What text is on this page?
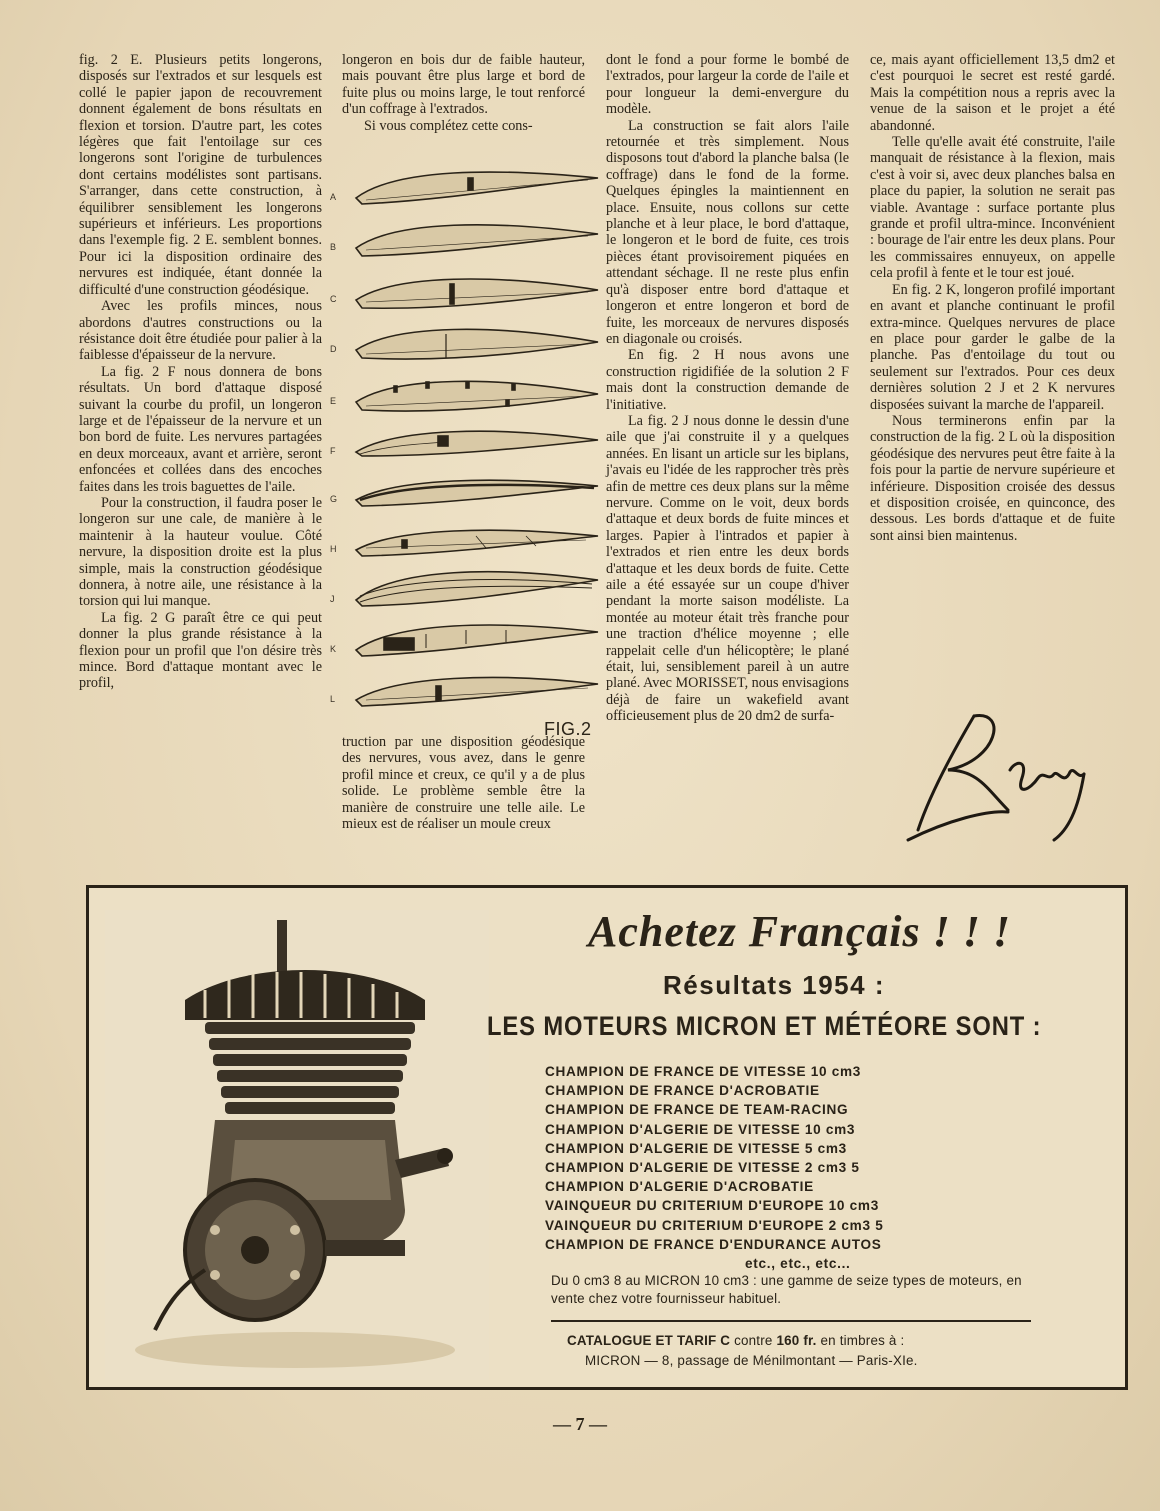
fig. 2 E. Plusieurs petits longerons, disposés sur l'extrados et sur lesquels est collé le papier japon de recouvrement donnent également de bons résultats en flexion et torsion. D'autre part, les cotes légères que fait l'entoilage sur ces longerons sont l'origine de turbulences dont certains modélistes sont partisans. S'arranger, dans cette construction, à équilibrer sensiblement les longerons supérieurs et inférieurs. Les proportions dans l'exemple fig. 2 E. semblent bonnes. Pour ici la disposition ordinaire des nervures est indiquée, étant donnée la difficulté d'une construction géodésique.

Avec les profils minces, nous abordons d'autres constructions ou la résistance doit être étudiée pour palier à la faiblesse d'épaisseur de la nervure.

La fig. 2 F nous donnera de bons résultats. Un bord d'attaque disposé suivant la courbe du profil, un longeron large et de l'épaisseur de la nervure et un bon bord de fuite. Les nervures partagées en deux morceaux, avant et arrière, seront enfoncées et collées dans des encoches faites dans les trois baguettes de l'aile.

Pour la construction, il faudra poser le longeron sur une cale, de manière à le maintenir à la hauteur voulue. Côté nervure, la disposition droite est la plus simple, mais la construction géodésique donnera, à notre aile, une résistance à la torsion qui lui manque.

La fig. 2 G paraît être ce qui peut donner la plus grande résistance à la flexion pour un profil que l'on désire très mince. Bord d'attaque montant avec le profil,

longeron en bois dur de faible hauteur, mais pouvant être plus large et bord de fuite plus ou moins large, le tout renforcé d'un coffrage à l'extrados.

Si vous complétez cette cons-

A
B
C
D
E
F
G
H
J
K
L
FIG.2

truction par une disposition géodésique des nervures, vous avez, dans le genre profil mince et creux, ce qu'il y a de plus solide. Le problème semble être la manière de construire une telle aile. Le mieux est de réaliser un moule creux

dont le fond a pour forme le bombé de l'extrados, pour largeur la corde de l'aile et pour longueur la demi-envergure du modèle.

La construction se fait alors l'aile retournée et très simplement. Nous disposons tout d'abord la planche balsa (le coffrage) dans le fond de la forme. Quelques épingles la maintiennent en place. Ensuite, nous collons sur cette planche et à leur place, le bord d'attaque, le longeron et le bord de fuite, ces trois pièces étant provisoirement piquées en attendant séchage. Il ne reste plus enfin qu'à disposer entre bord d'attaque et longeron et entre longeron et bord de fuite, les morceaux de nervures disposés en diagonale ou croisés.

En fig. 2 H nous avons une construction rigidifiée de la solution 2 F mais dont la construction demande de l'initiative.

La fig. 2 J nous donne le dessin d'une aile que j'ai construite il y a quelques années. En lisant un article sur les biplans, j'avais eu l'idée de les rapprocher très près afin de mettre ces deux plans sur la même nervure. Comme on le voit, deux bords d'attaque et deux bords de fuite minces et larges. Papier à l'intrados et papier à l'extrados et rien entre les deux bords d'attaque et les deux bords de fuite. Cette aile a été essayée sur un coupe d'hiver pendant la morte saison modéliste. La montée au moteur était très franche pour une traction d'hélice moyenne ; elle rappelait celle d'un hélicoptère; le plané était, lui, sensiblement pareil à un autre plané. Avec MORISSET, nous envisagions déjà de faire un wakefield avant officieusement plus de 20 dm2 de surfa-

ce, mais ayant officiellement 13,5 dm2 et c'est pourquoi le secret est resté gardé. Mais la compétition nous a repris avec la venue de la saison et le projet a été abandonné.

Telle qu'elle avait été construite, l'aile manquait de résistance à la flexion, mais c'est à voir si, avec deux planches balsa en place du papier, la solution ne serait pas viable. Avantage : surface portante plus grande et profil ultra-mince. Inconvénient : bourage de l'air entre les deux plans. Pour les commissaires ennuyeux, on appelle cela profil à fente et le tour est joué.

En fig. 2 K, longeron profilé important en avant et planche continuant le profil extra-mince. Quelques nervures de place en place pour garder le galbe de la planche. Pas d'entoilage du tout ou seulement sur l'extrados. Pour ces deux dernières solution 2 J et 2 K nervures disposées suivant la marche de l'appareil.

Nous terminerons enfin par la construction de la fig. 2 L où la disposition géodésique des nervures peut être faite à la fois pour la partie de nervure supérieure et inférieure. Disposition croisée des dessus et disposition croisée, en quinconce, des dessous. Les bords d'attaque et de fuite sont ainsi bien maintenus.

Achetez Français ! ! !
Résultats 1954 :
LES MOTEURS MICRON ET MÉTÉORE SONT :
CHAMPION DE FRANCE DE VITESSE 10 cm3
CHAMPION DE FRANCE D'ACROBATIE
CHAMPION DE FRANCE DE TEAM-RACING
CHAMPION D'ALGERIE DE VITESSE 10 cm3
CHAMPION D'ALGERIE DE VITESSE 5 cm3
CHAMPION D'ALGERIE DE VITESSE 2 cm3 5
CHAMPION D'ALGERIE D'ACROBATIE
VAINQUEUR DU CRITERIUM D'EUROPE 10 cm3
VAINQUEUR DU CRITERIUM D'EUROPE 2 cm3 5
CHAMPION DE FRANCE D'ENDURANCE AUTOS
etc., etc., etc...
Du 0 cm3 8 au MICRON 10 cm3 : une gamme de seize types de moteurs, en vente chez votre fournisseur habituel.
CATALOGUE ET TARIF C contre 160 fr. en timbres à :
MICRON — 8, passage de Ménilmontant — Paris-XIe.
— 7 —
